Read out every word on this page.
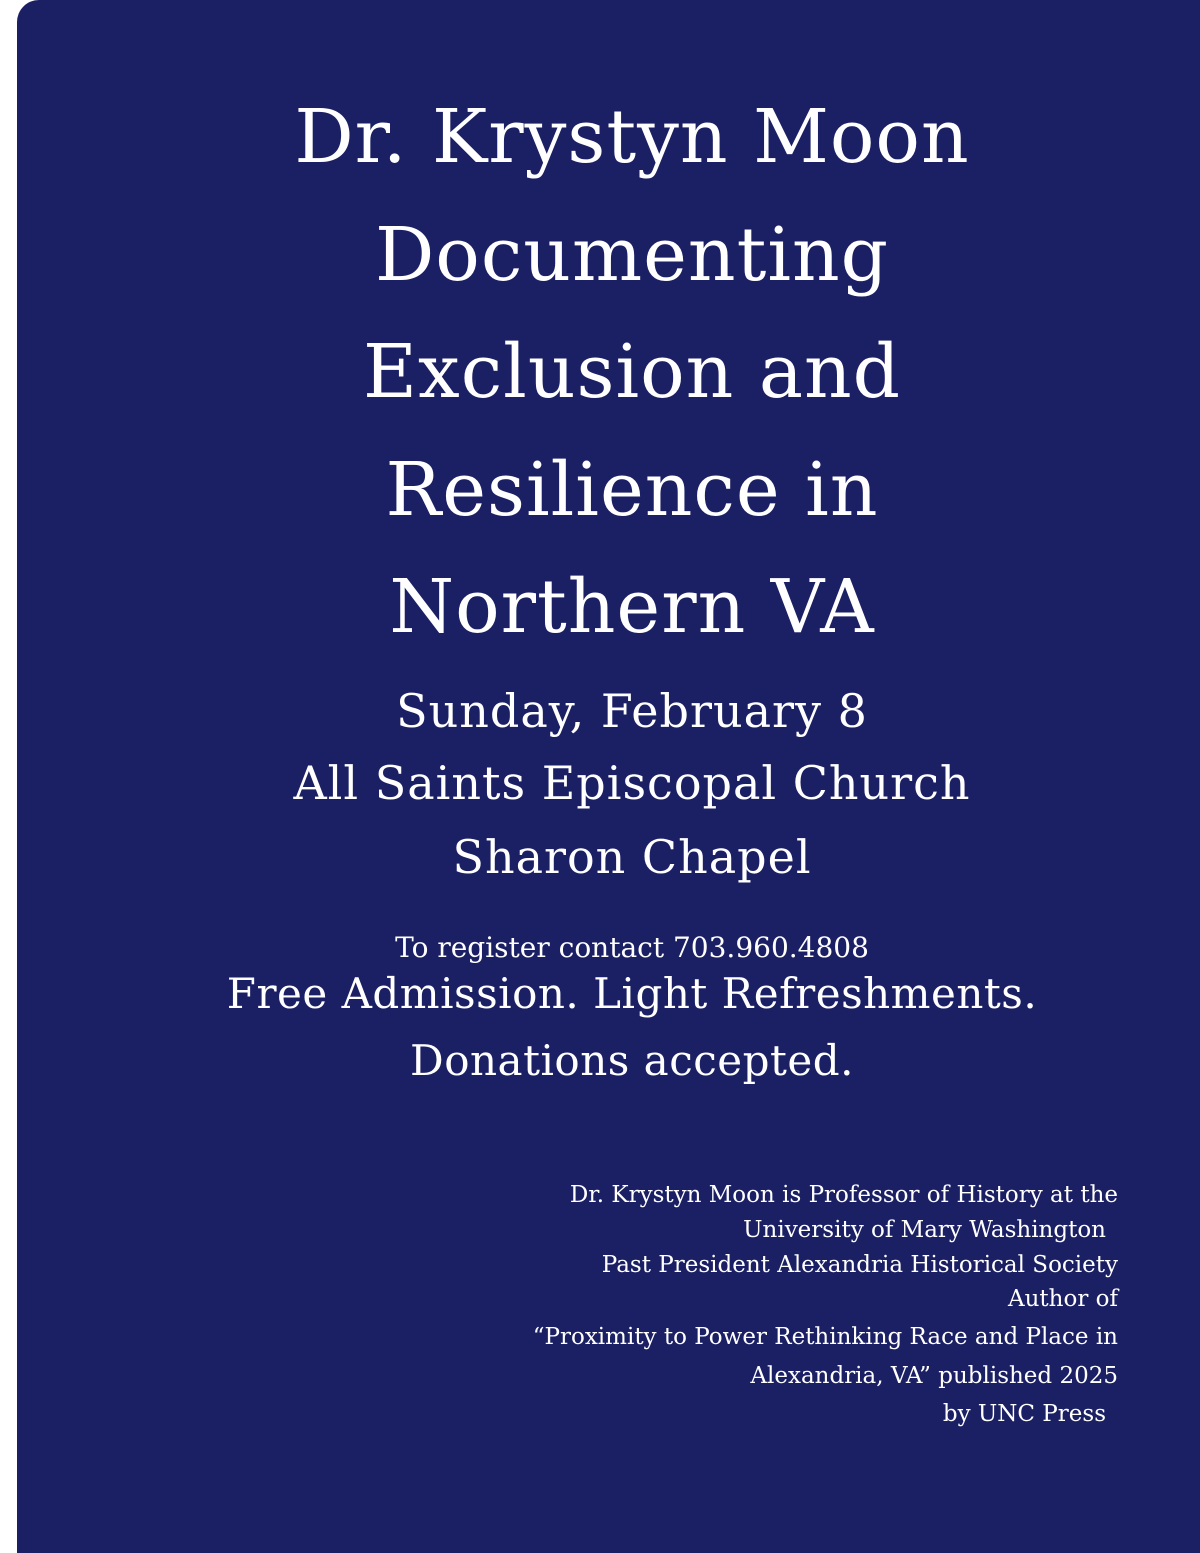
Dr. Krystyn Moon
Documenting
Exclusion and
Resilience in
Northern VA
Sunday, February 8
All Saints Episcopal Church
Sharon Chapel
To register contact 703.960.4808
Free Admission. Light Refreshments.
Donations accepted.
Dr. Krystyn Moon is Professor of History at the
University of Mary Washington
Past President Alexandria Historical Society
Author of
“Proximity to Power Rethinking Race and Place in
Alexandria, VA” published 2025
by UNC Press
